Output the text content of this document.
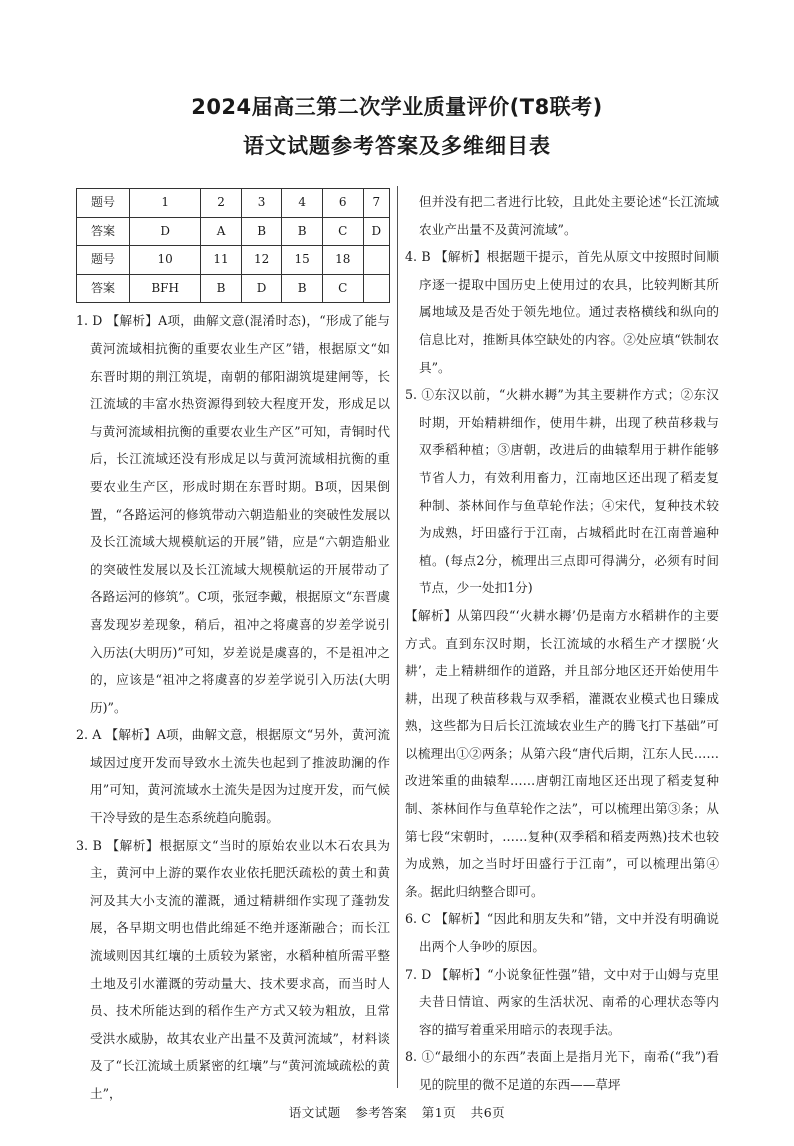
2024届高三第二次学业质量评价(T8联考)
语文试题参考答案及多维细目表
题号	1	2	3	4	6	7
答案	D	A	B	B	C	D
题号	10	11	12	15	18	
答案	BFH	B	D	B	C	

1. D 【解析】A项，曲解文意(混淆时态)，“形成了能与黄河流域相抗衡的重要农业生产区”错，根据原文“如东晋时期的荆江筑堤，南朝的郁阳湖筑堤建闸等，长江流域的丰富水热资源得到较大程度开发，形成足以与黄河流域相抗衡的重要农业生产区”可知，青铜时代后，长江流域还没有形成足以与黄河流域相抗衡的重要农业生产区，形成时期在东晋时期。B项，因果倒置，“各路运河的修筑带动六朝造船业的突破性发展以及长江流域大规模航运的开展”错，应是“六朝造船业的突破性发展以及长江流域大规模航运的开展带动了各路运河的修筑”。C项，张冠李戴，根据原文“东晋虞喜发现岁差现象，稍后，祖冲之将虞喜的岁差学说引入历法(大明历)”可知，岁差说是虞喜的，不是祖冲之的，应该是“祖冲之将虞喜的岁差学说引入历法(大明历)”。

2. A 【解析】A项，曲解文意，根据原文“另外，黄河流域因过度开发而导致水土流失也起到了推波助澜的作用”可知，黄河流域水土流失是因为过度开发，而气候干冷导致的是生态系统趋向脆弱。

3. B 【解析】根据原文“当时的原始农业以木石农具为主，黄河中上游的粟作农业依托肥沃疏松的黄土和黄河及其大小支流的灌溉，通过精耕细作实现了蓬勃发展，各早期文明也借此绵延不绝并逐渐融合；而长江流域则因其红壤的土质较为紧密，水稻种植所需平整土地及引水灌溉的劳动量大、技术要求高，而当时人员、技术所能达到的稻作生产方式又较为粗放，且常受洪水威胁，故其农业产出量不及黄河流域”，材料谈及了“长江流域土质紧密的红壤”与“黄河流域疏松的黄土”，

但并没有把二者进行比较，且此处主要论述“长江流域农业产出量不及黄河流域”。

4. B 【解析】根据题干提示，首先从原文中按照时间顺序逐一提取中国历史上使用过的农具，比较判断其所属地域及是否处于领先地位。通过表格横线和纵向的信息比对，推断具体空缺处的内容。②处应填“铁制农具”。

5. ①东汉以前，“火耕水耨”为其主要耕作方式；②东汉时期，开始精耕细作，使用牛耕，出现了秧苗移栽与双季稻种植；③唐朝，改进后的曲辕犁用于耕作能够节省人力，有效利用畜力，江南地区还出现了稻麦复种制、茶林间作与鱼草轮作法；④宋代，复种技术较为成熟，圩田盛行于江南，占城稻此时在江南普遍种植。(每点2分，梳理出三点即可得满分，必须有时间节点，少一处扣1分)

【解析】从第四段“‘火耕水耨’仍是南方水稻耕作的主要方式。直到东汉时期，长江流域的水稻生产才摆脱‘火耕’，走上精耕细作的道路，并且部分地区还开始使用牛耕，出现了秧苗移栽与双季稻，灌溉农业模式也日臻成熟，这些都为日后长江流域农业生产的腾飞打下基础”可以梳理出①②两条；从第六段“唐代后期，江东人民……改进笨重的曲辕犁……唐朝江南地区还出现了稻麦复种制、茶林间作与鱼草轮作之法”，可以梳理出第③条；从第七段“宋朝时，……复种(双季稻和稻麦两熟)技术也较为成熟，加之当时圩田盛行于江南”，可以梳理出第④条。据此归纳整合即可。

6. C 【解析】“因此和朋友失和”错，文中并没有明确说出两个人争吵的原因。

7. D 【解析】“小说象征性强”错，文中对于山姆与克里夫昔日情谊、两家的生活状况、南希的心理状态等内容的描写着重采用暗示的表现手法。

8. ①“最细小的东西”表面上是指月光下，南希(“我”)看见的院里的微不足道的东西——草坪

语文试题 参考答案 第1页 共6页
